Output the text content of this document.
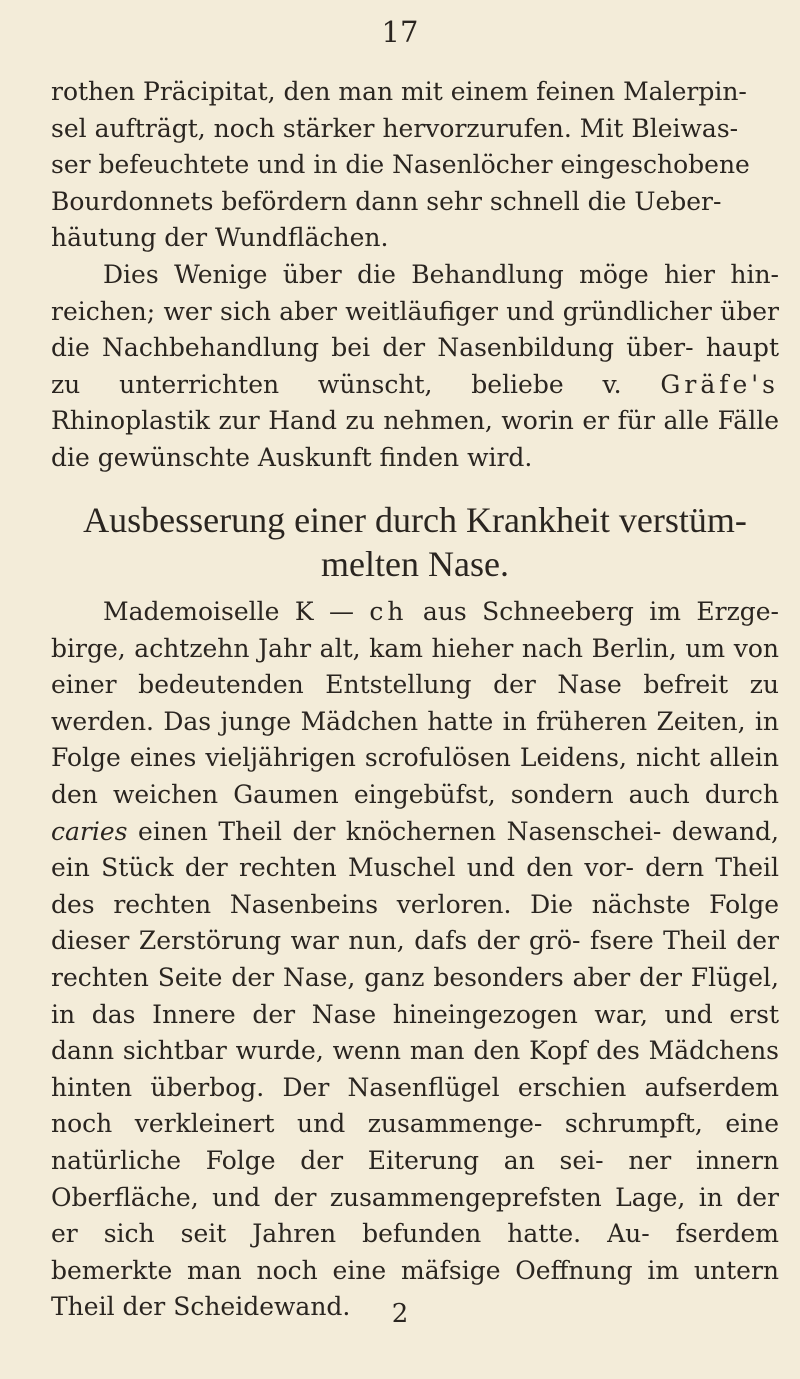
17

rothen Präcipitat, den man mit einem feinen Malerpin-
sel aufträgt, noch stärker hervorzurufen. Mit Bleiwas-
ser befeuchtete und in die Nasenlöcher eingeschobene
Bourdonnets befördern dann sehr schnell die Ueber-
häutung der Wundflächen.

Dies Wenige über die Behandlung möge hier hin- reichen; wer sich aber weitläufiger und gründlicher über die Nachbehandlung bei der Nasenbildung über- haupt zu unterrichten wünscht, beliebe v. Gräfe's Rhinoplastik zur Hand zu nehmen, worin er für alle Fälle die gewünschte Auskunft finden wird.

Ausbesserung einer durch Krankheit verstüm-
melten Nase.

Mademoiselle K — ch aus Schneeberg im Erzge- birge, achtzehn Jahr alt, kam hieher nach Berlin, um von einer bedeutenden Entstellung der Nase befreit zu werden. Das junge Mädchen hatte in früheren Zeiten, in Folge eines vieljährigen scrofulösen Leidens, nicht allein den weichen Gaumen eingebüfst, sondern auch durch caries einen Theil der knöchernen Nasenschei- dewand, ein Stück der rechten Muschel und den vor- dern Theil des rechten Nasenbeins verloren. Die nächste Folge dieser Zerstörung war nun, dafs der grö- fsere Theil der rechten Seite der Nase, ganz besonders aber der Flügel, in das Innere der Nase hineingezogen war, und erst dann sichtbar wurde, wenn man den Kopf des Mädchens hinten überbog. Der Nasenflügel erschien aufserdem noch verkleinert und zusammenge- schrumpft, eine natürliche Folge der Eiterung an sei- ner innern Oberfläche, und der zusammengeprefsten Lage, in der er sich seit Jahren befunden hatte. Au- fserdem bemerkte man noch eine mäfsige Oeffnung im untern Theil der Scheidewand.	2
